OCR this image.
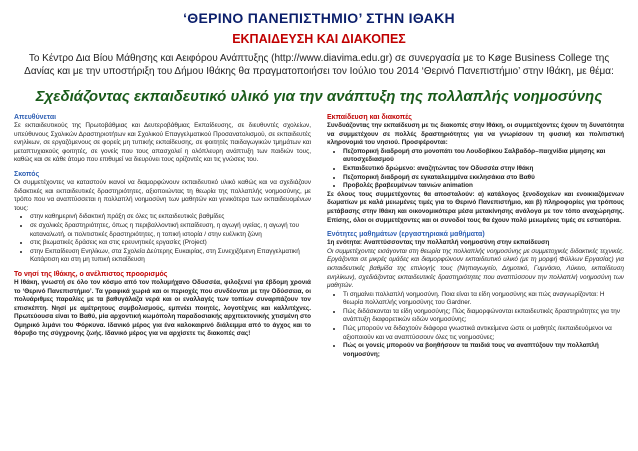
‘ΘΕΡΙΝΟ ΠΑΝΕΠΙΣΤΗΜΙΟ’ ΣΤΗΝ ΙΘΑΚΗ
ΕΚΠΑΙΔΕΥΣΗ ΚΑΙ ΔΙΑΚΟΠΕΣ
Το Κέντρο Δια Βίου Μάθησης και Αειφόρου Ανάπτυξης (http://www.diavima.edu.gr) σε συνεργασία με το Køge Business College της Δανίας και με την υποστήριξη του Δήμου Ιθάκης θα πραγματοποιήσει τον Ιούλιο του 2014 ‘Θερινό Πανεπιστήμιο’ στην Ιθάκη, με θέμα:
Σχεδιάζοντας εκπαιδευτικό υλικό για την ανάπτυξη της πολλαπλής νοημοσύνης
Απευθύνεται

Σε εκπαιδευτικούς της Πρωτοβάθμιας και Δευτεροβάθμιας Εκπαίδευσης, σε διευθυντές σχολείων, υπεύθυνους Σχολικών Δραστηριοτήτων και Σχολικού Επαγγελματικού Προσανατολισμού, σε εκπαιδευτές ενηλίκων, σε εργαζόμενους σε φορείς μη τυπικής εκπαίδευσης, σε φοιτητές παιδαγωγικών τμημάτων και μεταπτυχιακούς φοιτητές, σε γονείς που τους απασχολεί η ολόπλευρη ανάπτυξη των παιδιών τους, καθώς και σε κάθε άτομο που επιθυμεί να διευρύνει τους ορίζοντές και τις γνώσεις του.

Σκοπός

Οι συμμετέχοντες να καταστούν ικανοί να διαμορφώνουν εκπαιδευτικό υλικό καθώς και να σχεδιάζουν διδακτικές και εκπαιδευτικές δραστηριότητες, αξιοποιώντας τη θεωρία της πολλαπλής νοημοσύνης, με τρόπο που να αναπτύσσεται η πολλαπλή νοημοσύνη των μαθητών και γενικότερα των εκπαιδευομένων τους:

• στην καθημερινή διδακτική πράξη σε όλες τις εκπαιδευτικές βαθμίδες
• σε σχολικές δραστηριότητες, όπως η περιβαλλοντική εκπαίδευση, η αγωγή υγείας, η αγωγή του καταναλωτή, οι πολιτιστικές δραστηριότητες, η τοπική ιστορία / στην ευέλικτη ζώνη
• στις βιωματικές δράσεις και στις ερευνητικές εργασίες (Project)
• στην Εκπαίδευση Ενηλίκων, στα Σχολεία Δεύτερης Ευκαιρίας, στη Συνεχιζόμενη Επαγγελματική Κατάρτιση και στη μη τυπική εκπαίδευση
Το νησί της Ιθάκης, ο ανέλπιστος προορισμός

Η Ιθάκη, γνωστή σε όλο τον κόσμο από τον πολυμήχανο Οδυσσέα, φιλοξενεί για έβδομη χρονιά το ‘Θερινό Πανεπιστήμιο’. Τα γραφικά χωριά και οι περιοχές που συνδέονται με την Οδύσσεια, οι πολυάριθμες παραλίες με τα βαθυγάλαζα νερά και οι εναλλαγές των τοπίων συναρπάζουν τον επισκέπτη. Νησί με αμέτρητους συμβολισμούς, εμπνέει ποιητές, λογοτέχνες και καλλιτέχνες. Πρωτεύουσα είναι το Βαθύ, μία αρχοντική κωμόπολη παραδοσιακής αρχιτεκτονικής χτισμένη στο Ομηρικό λιμάνι του Φόρκυνα. Ιδανικό μέρος για ένα καλοκαιρινό διάλειμμα από το άγχος και το θόρυβο της σύγχρονης ζωής. Ιδανικό μέρος για να αρχίσετε τις διακοπές σας!

Εκπαίδευση και διακοπές

Συνδυάζοντας την εκπαίδευση με τις διακοπές στην Ιθάκη, οι συμμετέχοντες έχουν τη δυνατότητα να συμμετέχουν σε πολλές δραστηριότητες για να γνωρίσουν τη φυσική και πολιτιστική κληρονομιά του νησιού. Προσφέρονται:

• Πεζοπορική διαδρομή στο μονοπάτι του Λουδοβίκου Σαλβαδόρ–παιχνίδια μίμησης και αυτοσχεδιασμού
• Εκπαιδευτικό δρώμενο: αναζητώντας τον Οδυσσέα στην Ιθάκη
• Πεζοπορική διαδρομή σε εγκαταλειμμένα εκκλησάκια στο Βαθύ
• Προβολές βραβευμένων ταινιών animation

Σε όλους τους συμμετέχοντες θα αποσταλούν: α) κατάλογος ξενοδοχείων και ενοικιαζόμενων δωματίων με καλά μειωμένες τιμές για το Θερινό Πανεπιστήμιο, και β) πληροφορίες για τρόπους μετάβασης στην Ιθάκη και οικονομικότερα μέσα μετακίνησης ανάλογα με τον τόπο αναχώρησης. Επίσης, όλοι οι συμμετέχοντες και οι συνοδοί τους θα έχουν πολύ μειωμένες τιμές σε εστιατόρια.

Ενότητες μαθημάτων (εργαστηριακά μαθήματα)

1η ενότητα: Αναπτύσσοντας την πολλαπλή νοημοσύνη στην εκπαίδευση

Οι συμμετέχοντες εισάγονται στη θεωρία της πολλαπλής νοημοσύνης με συμμετοχικές διδακτικές τεχνικές. Εργάζονται σε μικρές ομάδες και διαμορφώνουν εκπαιδευτικό υλικό (με τη μορφή Φύλλων Εργασίας) για εκπαιδευτικές βαθμίδα της επιλογής τους (Νηπιαγωγείο, Δημοτικό, Γυμνάσιο, Λύκειο, εκπαίδευση ενηλίκων), σχεδιάζοντας εκπαιδευτικές δραστηριότητες που αναπτύσσουν την πολλαπλή νοημοσύνη των μαθητών.

• Τι σημαίνει πολλαπλή νοημοσύνη. Ποια είναι τα είδη νοημοσύνης και πώς αναγνωρίζονται: Η θεωρία πολλαπλής νοημοσύνης του Gardner.
• Πώς διδάσκονται τα είδη νοημοσύνης; Πώς διαμορφώνονται εκπαιδευτικές δραστηριότητες για την ανάπτυξη διαφορετικών ειδών νοημοσύνης;
• Πώς μπορούν να διδαχτούν διάφορα γνωστικά αντικείμενα ώστε οι μαθητές /εκπαιδευόμενοι να αξιοποιούν και να αναπτύσσουν όλες τις νοημοσύνες;
• Πώς οι γονείς μπορούν να βοηθήσουν τα παιδιά τους να αναπτύξουν την πολλαπλή νοημοσύνη;
